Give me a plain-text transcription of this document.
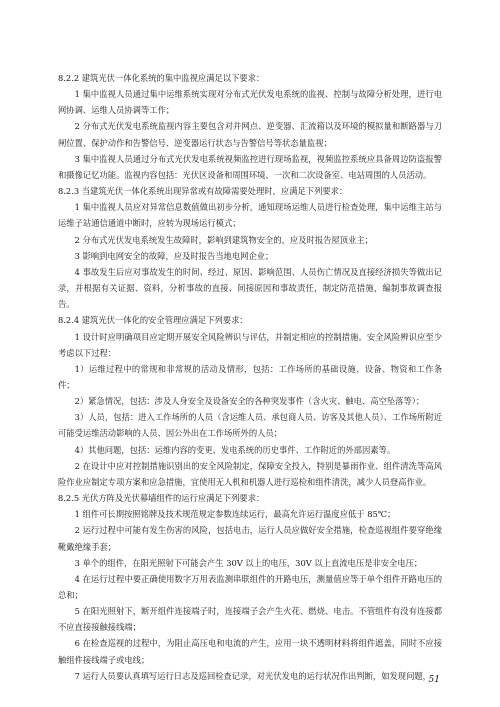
8.2.2 建筑光伏一体化系统的集中监视应满足以下要求：

1 集中监视人员通过集中运维系统实现对分布式光伏发电系统的监视、控制与故障分析处理，进行电网协调、运维人员协调等工作；

2 分布式光伏发电系统监视内容主要包含对并网点、逆变器、汇流箱以及环境的模拟量和断路器与刀闸位置、保护动作和告警信号、逆变器运行状态与告警信号等状态量监视；

3 集中监视人员通过分布式光伏发电系统视频监控进行现场监视，视频监控系统应具备周边防盗报警和摄像记忆功能。监视内容包括：光伏区设备和周围环境、一次和二次设备室、电站周围的人员活动。

8.2.3 当建筑光伏一体化系统出现异常或有故障需要处理时，应满足下列要求：

1 集中监视人员应对异常信息数值做出初步分析，通知现场运维人员进行检查处理，集中运维主站与运维子站通信通道中断时，应转为现场运行模式；

2 分布式光伏发电系统发生故障时，影响到建筑物安全的，应及时报告屋顶业主；

3 影响到电网安全的故障，应及时报告当地电网企业；

4 事故发生后应对事故发生的时间、经过、原因、影响范围、人员伤亡情况及直接经济损失等做出记录，并根据有关证据、资料，分析事故的直接、间接原因和事故责任，制定防范措施，编制事故调查报告。

8.2.4 建筑光伏一体化的安全管理应满足下列要求：

1 设计时应明确项目应定期开展安全风险辨识与评估，并制定相应的控制措施。安全风险辨识应至少考虑以下过程：

1）运维过程中的常规和非常规的活动及情形，包括：工作场所的基础设施、设备、物资和工作条件；

2）紧急情况，包括：涉及人身安全及设备安全的各种突发事件（含火灾、触电、高空坠落等）；

3）人员，包括：进入工作场所的人员（含运维人员、承包商人员、访客及其他人员）、工作场所附近可能受运维活动影响的人员、因公外出在工作场所外的人员；

4）其他问题，包括：运维内容的变更、发电系统的历史事件、工作附近的外部因素等。

2 在设计中应对控制措施识别出的安全风险制定，保障安全投入，特别是暴雨作业、组件清洗等高风险作业应制定专项方案和应急措施，宜使用无人机和机器人进行巡检和组件清洗，减少人员登高作业。

8.2.5 光伏方阵及光伏幕墙组件的运行应满足下列要求：

1 组件可长期按照铭牌及技术规范规定参数连续运行，最高允许运行温度应低于 85℃；

2 运行过程中可能有发生伤害的风险，包括电击，运行人员应做好安全措施，检查巡视组件要穿绝缘靴戴绝缘手套；

3 单个的组件，在阳光照射下可能会产生 30V 以上的电压，30V 以上直流电压是非安全电压；

4 在运行过程中要正确使用数字万用表监测串联组件的开路电压，测量值应等于单个组件开路电压的总和；

5 在阳光照射下，断开组件连接端子时，连接端子会产生火花、燃烧、电击。不管组件有没有连接都不应直接接触接线端；

6 在检查巡视的过程中，为阻止高压电和电流的产生，应用一块不透明材料将组件遮盖，同时不应接触组件接线端子或电线；

7 运行人员要认真填写运行日志及巡回检查记录，对光伏发电的运行状况作出判断，如发现问题，

51
